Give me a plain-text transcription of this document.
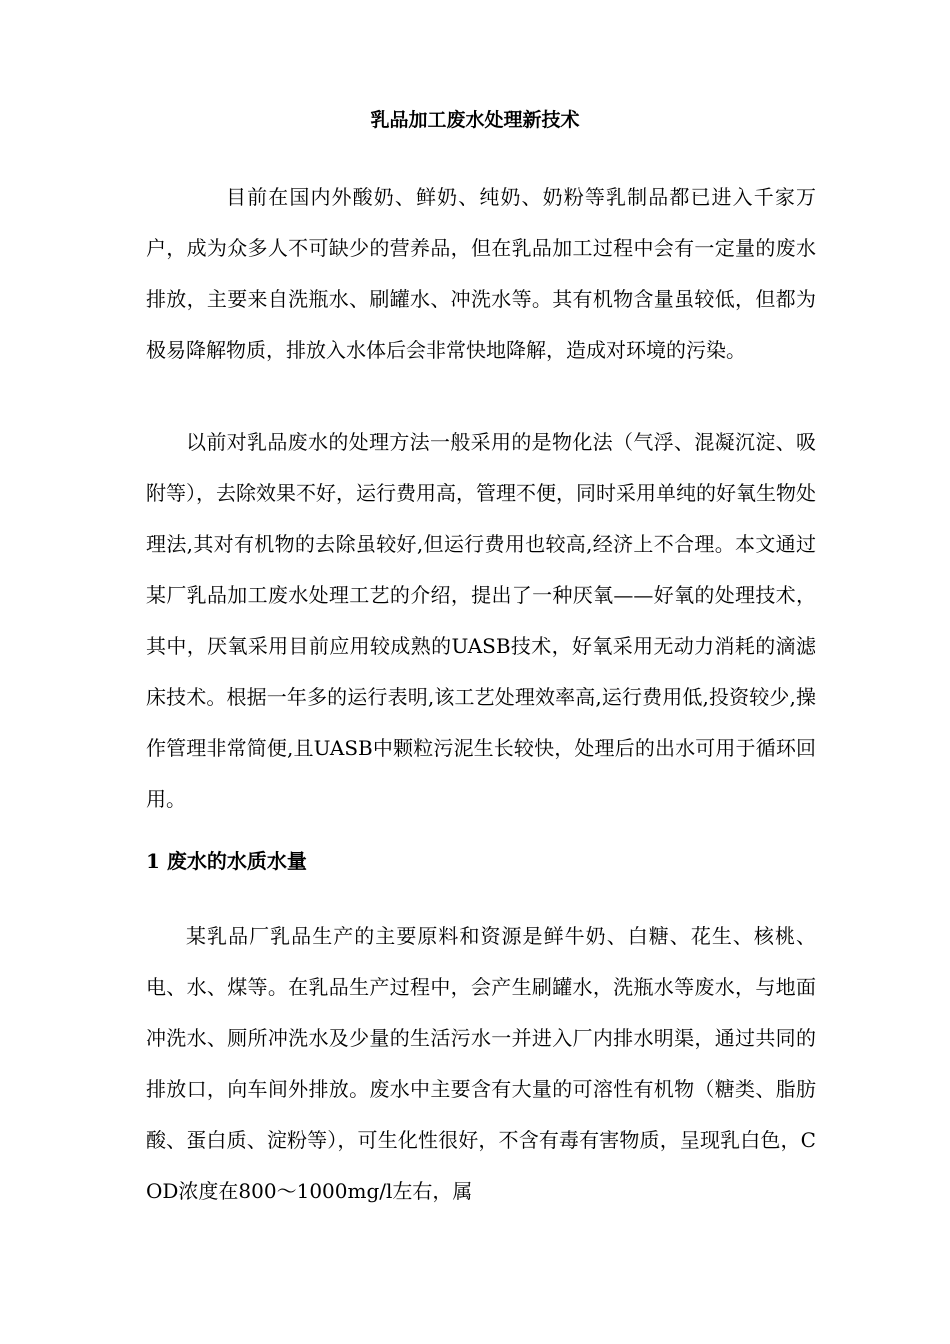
乳品加工废水处理新技术

目前在国内外酸奶、鲜奶、纯奶、奶粉等乳制品都已进入千家万户，成为众多人不可缺少的营养品，但在乳品加工过程中会有一定量的废水排放，主要来自洗瓶水、刷罐水、冲洗水等。其有机物含量虽较低，但都为极易降解物质，排放入水体后会非常快地降解，造成对环境的污染。

以前对乳品废水的处理方法一般采用的是物化法（气浮、混凝沉淀、吸附等），去除效果不好，运行费用高，管理不便，同时采用单纯的好氧生物处理法,其对有机物的去除虽较好,但运行费用也较高,经济上不合理。本文通过某厂乳品加工废水处理工艺的介绍，提出了一种厌氧——好氧的处理技术，其中，厌氧采用目前应用较成熟的UASB技术，好氧采用无动力消耗的滴滤床技术。根据一年多的运行表明,该工艺处理效率高,运行费用低,投资较少,操作管理非常简便,且UASB中颗粒污泥生长较快，处理后的出水可用于循环回用。

1 废水的水质水量

某乳品厂乳品生产的主要原料和资源是鲜牛奶、白糖、花生、核桃、电、水、煤等。在乳品生产过程中，会产生刷罐水，洗瓶水等废水，与地面冲洗水、厕所冲洗水及少量的生活污水一并进入厂内排水明渠，通过共同的排放口，向车间外排放。废水中主要含有大量的可溶性有机物（糖类、脂肪酸、蛋白质、淀粉等），可生化性很好，不含有毒有害物质，呈现乳白色，COD浓度在800～1000mg/l左右，属
